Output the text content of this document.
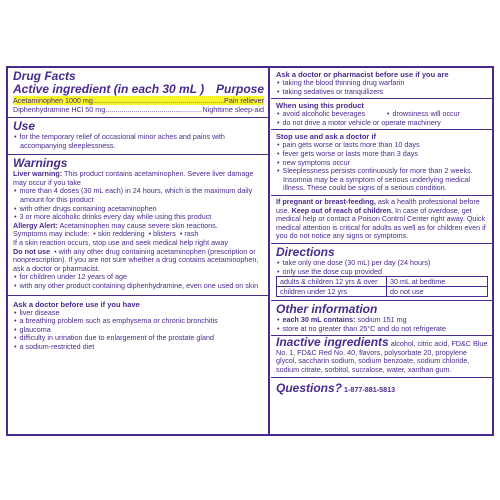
Drug Facts
Active ingredient (in each 30 mL ) Purpose
Acetaminophen 1000 mg .....	Pain reliever
Diphenhydramine HCl 50 mg .....	Nighttime sleep-aid
Use
• for the temporary relief of occasional minor aches and pains with accompanying sleeplessness.
Warnings

Liver warning: This product contains acetaminophen. Severe liver damage may occur if you take

• more than 4 doses (30 mL each) in 24 hours, which is the maximum daily amount for this product
• with other drugs containing acetaminophen
• 3 or more alcoholic drinks every day while using this product

Allergy Alert: Acetaminophen may cause severe skin reactions.

Symptoms may include:  • skin reddening  • blisters  • rash

If a skin reaction occurs, stop use and seek medical help right away

Do not use  • with any other drug containing acetaminophen (prescription or nonprescription). If you are not sure whether a drug contains acetaminophen, ask a doctor or pharmacist.

• for children under 12 years of age
• with any other product containing diphenhydramine, even one used on skin
Ask a doctor before use if you have
• liver disease
• a breathing problem such as emphysema or chronic bronchitis
• glaucoma
• difficulty in urination due to enlargement of the prostate gland
• a sodium-restricted diet
Ask a doctor or pharmacist before use if you are
• taking the blood thinning drug warfarin
• taking sedatives or tranquilizers
When using this product
• avoid alcoholic beverages	• drowsiness will occur
• do not drive a motor vehicle or operate machinery
Stop use and ask a doctor if
• pain gets worse or lasts more than 10 days
• fever gets worse or lasts more than 3 days
• new symptoms occur
• Sleeplessness persists continuously for more than 2 weeks. Insomnia may be a symptom of serious underlying medical illness. These could be signs of a serious condition.

If pregnant or breast-feeding, ask a health professional before use. Keep out of reach of children. In case of overdose, get medical help or contact a Poison Control Center right away. Quick medical attention is critical for adults as well as for children even if you do not notice any signs or symptoms.

Directions
• take only one dose (30 mL) per day (24 hours)
• only use the dose cup provided
adults & children 12 yrs & over	30 mL at bedtime
children under 12 yrs	do not use
Other information
• each 30 mL contains: sodium 151 mg
• store at no greater than 25°C and do not refrigerate

Inactive ingredients alcohol, citric acid, FD&C Blue No. 1, FD&C Red No. 40, flavors, polysorbate 20, propylene glycol, saccharin sodium, sodium benzoate, sodium chloride, sodium citrate, sorbitol, sucralose, water, xanthan gum.

Questions? 1-877-881-5813
